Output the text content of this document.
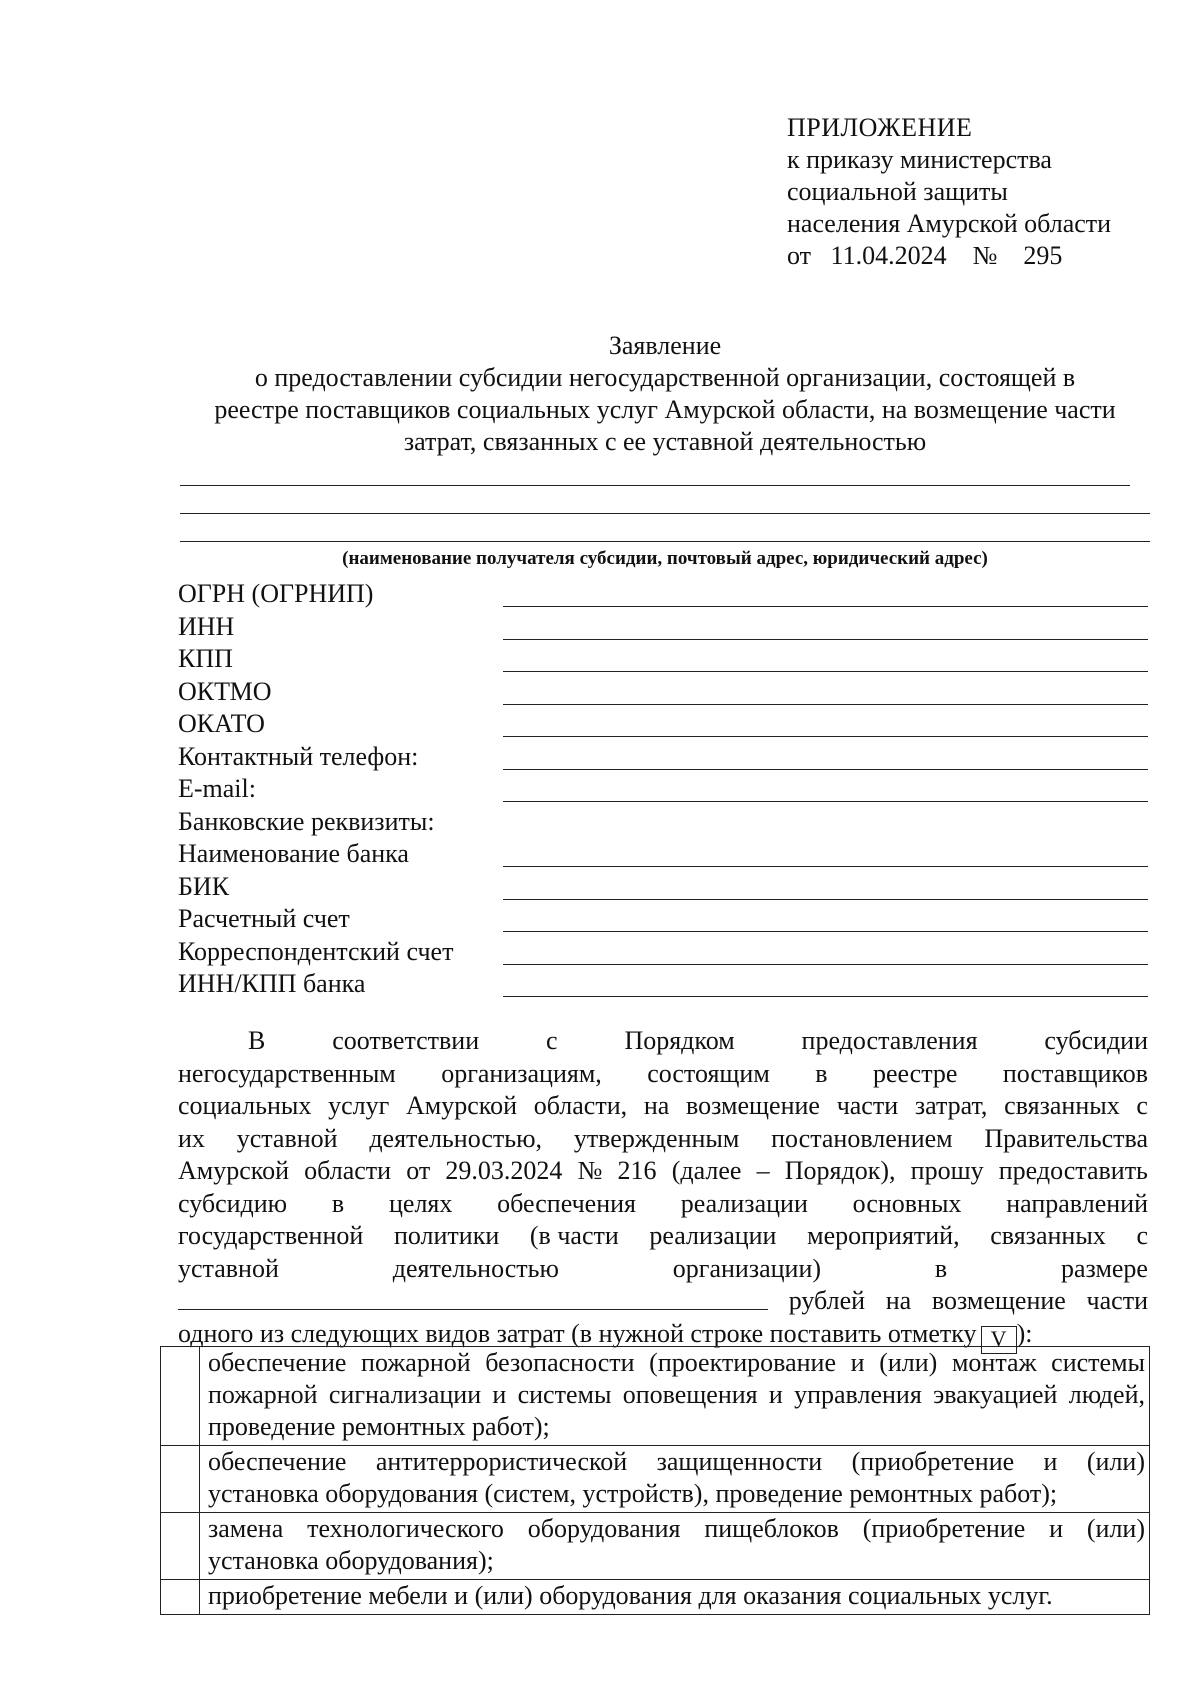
ПРИЛОЖЕНИЕ
к приказу министерства
социальной защиты
населения Амурской области
от 11.04.2024 № 295
Заявление
о предоставлении субсидии негосударственной организации, состоящей в
реестре поставщиков социальных услуг Амурской области, на возмещение части
затрат, связанных с ее уставной деятельностью
(наименование получателя субсидии, почтовый адрес, юридический адрес)
ОГРН (ОГРНИП)
ИНН
КПП
ОКТМО
ОКАТО
Контактный телефон:
E-mail:
Банковские реквизиты:
Наименование банка
БИК
Расчетный счет
Корреспондентский счет
ИНН/КПП банка
В	соответствии	с	Порядком	предоставления	субсидии
негосударственным организациям, состоящим в реестре поставщиков
социальных услуг Амурской области, на возмещение части затрат, связанных с
их уставной деятельностью, утвержденным постановлением Правительства
Амурской области от 29.03.2024 № 216 (далее – Порядок), прошу предоставить
субсидию в целях обеспечения реализации основных направлений
государственной политики (в части реализации мероприятий, связанных с
уставной	деятельностью	организации)	в	размере
рублей на возмещение части
одного из следующих видов затрат (в нужной строке поставить отметку V ):
	обеспечение пожарной безопасности (проектирование и (или) монтаж системы пожарной сигнализации и системы оповещения и управления эвакуацией людей, проведение ремонтных работ);
	обеспечение антитеррористической защищенности (приобретение и (или) установка оборудования (систем, устройств), проведение ремонтных работ);
	замена технологического оборудования пищеблоков (приобретение и (или) установка оборудования);
	приобретение мебели и (или) оборудования для оказания социальных услуг.
